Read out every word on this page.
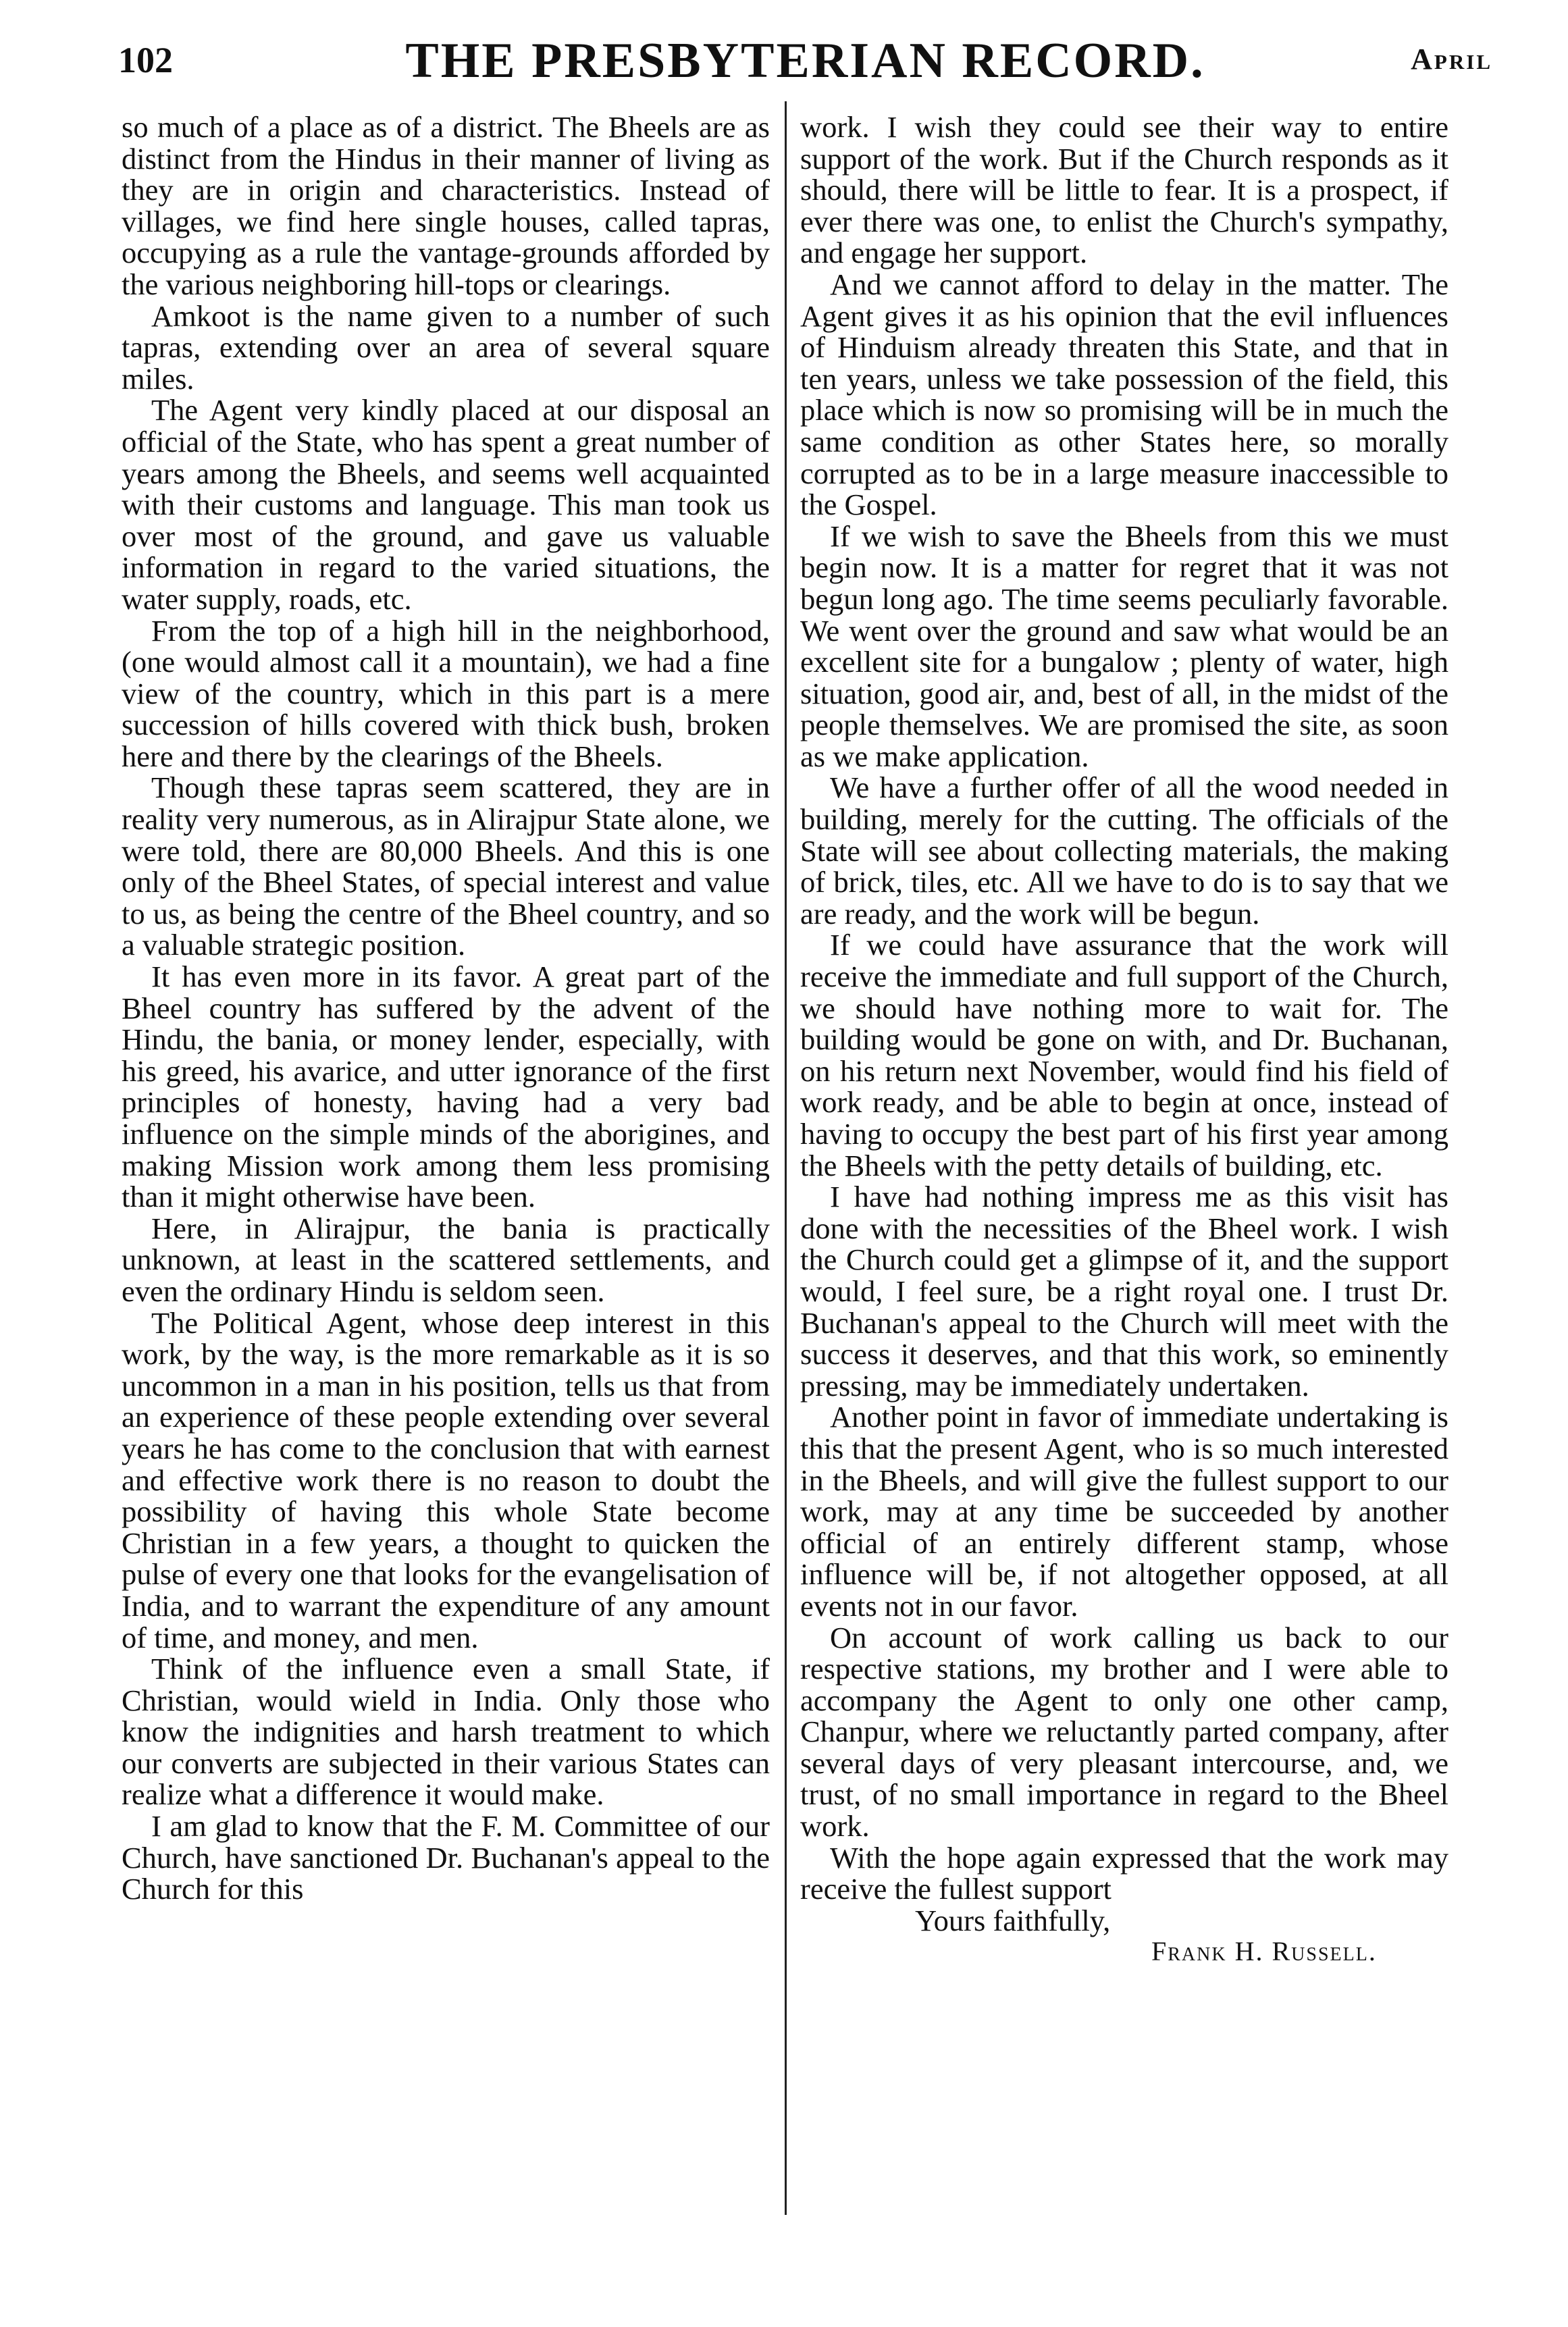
102	THE PRESBYTERIAN RECORD.	April

so much of a place as of a district. The Bheels are as distinct from the Hindus in their manner of living as they are in origin and characteristics. Instead of villages, we find here single houses, called tapras, occupying as a rule the vantage-grounds afforded by the various neighboring hill-tops or clearings.

Amkoot is the name given to a number of such tapras, extending over an area of several square miles.

The Agent very kindly placed at our disposal an official of the State, who has spent a great number of years among the Bheels, and seems well acquainted with their customs and language. This man took us over most of the ground, and gave us valuable information in regard to the varied situations, the water supply, roads, etc.

From the top of a high hill in the neighborhood, (one would almost call it a mountain), we had a fine view of the country, which in this part is a mere succession of hills covered with thick bush, broken here and there by the clearings of the Bheels.

Though these tapras seem scattered, they are in reality very numerous, as in Alirajpur State alone, we were told, there are 80,000 Bheels. And this is one only of the Bheel States, of special interest and value to us, as being the centre of the Bheel country, and so a valuable strategic position.

It has even more in its favor. A great part of the Bheel country has suffered by the advent of the Hindu, the bania, or money lender, especially, with his greed, his avarice, and utter ignorance of the first principles of honesty, having had a very bad influence on the simple minds of the aborigines, and making Mission work among them less promising than it might otherwise have been.

Here, in Alirajpur, the bania is practically unknown, at least in the scattered settlements, and even the ordinary Hindu is seldom seen.

The Political Agent, whose deep interest in this work, by the way, is the more remarkable as it is so uncommon in a man in his position, tells us that from an experience of these people extending over several years he has come to the conclusion that with earnest and effective work there is no reason to doubt the possibility of having this whole State become Christian in a few years, a thought to quicken the pulse of every one that looks for the evangelisation of India, and to warrant the expenditure of any amount of time, and money, and men.

Think of the influence even a small State, if Christian, would wield in India. Only those who know the indignities and harsh treatment to which our converts are subjected in their various States can realize what a difference it would make.

I am glad to know that the F. M. Committee of our Church, have sanctioned Dr. Buchanan's appeal to the Church for this

work. I wish they could see their way to entire support of the work. But if the Church responds as it should, there will be little to fear. It is a prospect, if ever there was one, to enlist the Church's sympathy, and engage her support.

And we cannot afford to delay in the matter. The Agent gives it as his opinion that the evil influences of Hinduism already threaten this State, and that in ten years, unless we take possession of the field, this place which is now so promising will be in much the same condition as other States here, so morally corrupted as to be in a large measure inaccessible to the Gospel.

If we wish to save the Bheels from this we must begin now. It is a matter for regret that it was not begun long ago. The time seems peculiarly favorable. We went over the ground and saw what would be an excellent site for a bungalow ; plenty of water, high situation, good air, and, best of all, in the midst of the people themselves. We are promised the site, as soon as we make application.

We have a further offer of all the wood needed in building, merely for the cutting. The officials of the State will see about collecting materials, the making of brick, tiles, etc. All we have to do is to say that we are ready, and the work will be begun.

If we could have assurance that the work will receive the immediate and full support of the Church, we should have nothing more to wait for. The building would be gone on with, and Dr. Buchanan, on his return next November, would find his field of work ready, and be able to begin at once, instead of having to occupy the best part of his first year among the Bheels with the petty details of building, etc.

I have had nothing impress me as this visit has done with the necessities of the Bheel work. I wish the Church could get a glimpse of it, and the support would, I feel sure, be a right royal one. I trust Dr. Buchanan's appeal to the Church will meet with the success it deserves, and that this work, so eminently pressing, may be immediately undertaken.

Another point in favor of immediate undertaking is this that the present Agent, who is so much interested in the Bheels, and will give the fullest support to our work, may at any time be succeeded by another official of an entirely different stamp, whose influence will be, if not altogether opposed, at all events not in our favor.

On account of work calling us back to our respective stations, my brother and I were able to accompany the Agent to only one other camp, Chanpur, where we reluctantly parted company, after several days of very pleasant intercourse, and, we trust, of no small importance in regard to the Bheel work.

With the hope again expressed that the work may receive the fullest support

Yours faithfully,
Frank H. Russell.
